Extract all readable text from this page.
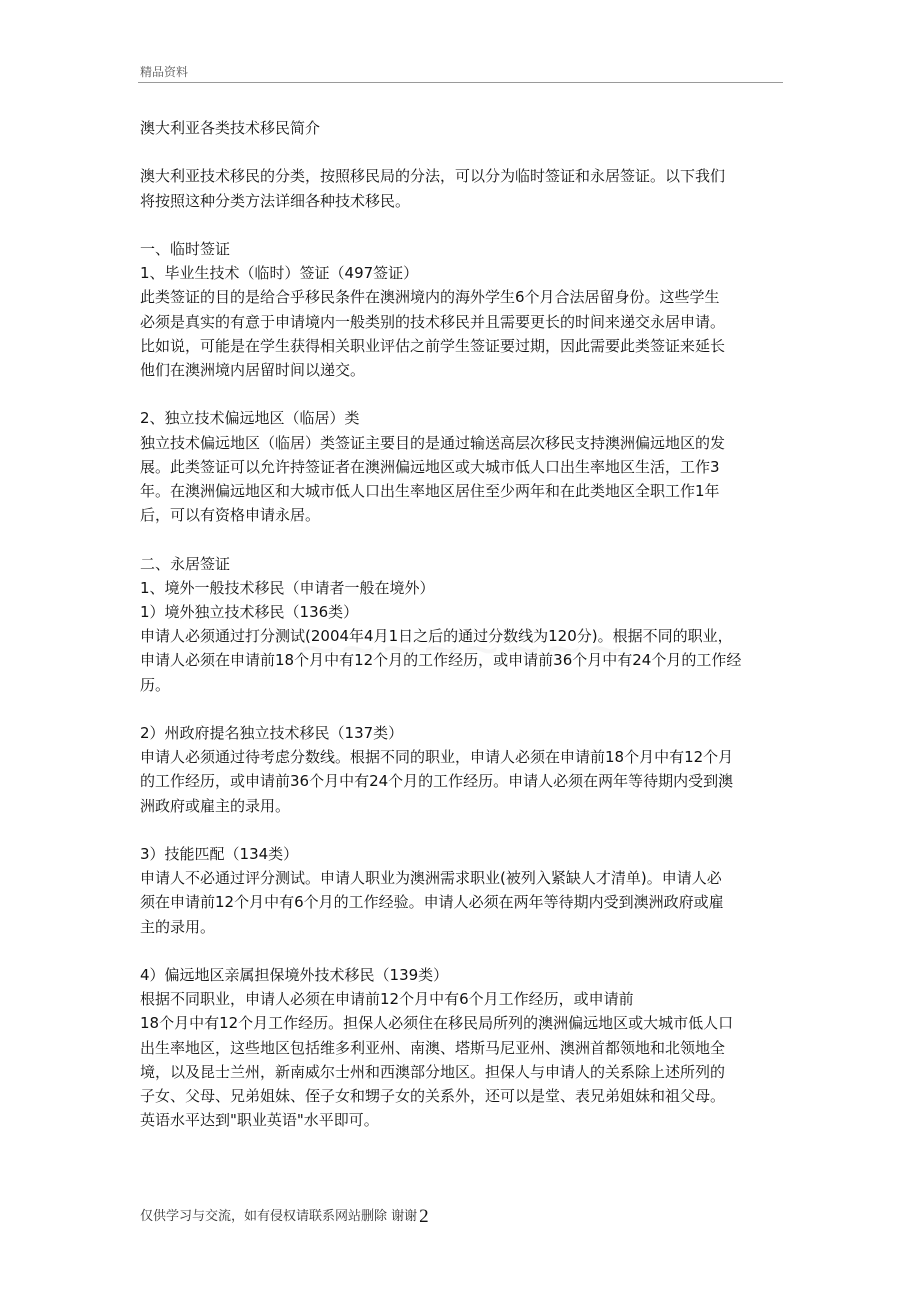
精品资料

澳大利亚各类技术移民简介

澳大利亚技术移民的分类，按照移民局的分法，可以分为临时签证和永居签证。以下我们

将按照这种分类方法详细各种技术移民。

一、临时签证

1、毕业生技术（临时）签证（497签证）

此类签证的目的是给合乎移民条件在澳洲境内的海外学生6个月合法居留身份。这些学生

必须是真实的有意于申请境内一般类别的技术移民并且需要更长的时间来递交永居申请。

比如说，可能是在学生获得相关职业评估之前学生签证要过期，因此需要此类签证来延长

他们在澳洲境内居留时间以递交。

2、独立技术偏远地区（临居）类

独立技术偏远地区（临居）类签证主要目的是通过输送高层次移民支持澳洲偏远地区的发

展。此类签证可以允许持签证者在澳洲偏远地区或大城市低人口出生率地区生活，工作3

年。在澳洲偏远地区和大城市低人口出生率地区居住至少两年和在此类地区全职工作1年

后，可以有资格申请永居。

二、永居签证

1、境外一般技术移民（申请者一般在境外）

1）境外独立技术移民（136类）

申请人必须通过打分测试(2004年4月1日之后的通过分数线为120分)。根据不同的职业，

申请人必须在申请前18个月中有12个月的工作经历，或申请前36个月中有24个月的工作经

历。

2）州政府提名独立技术移民（137类）

申请人必须通过待考虑分数线。根据不同的职业，申请人必须在申请前18个月中有12个月

的工作经历，或申请前36个月中有24个月的工作经历。申请人必须在两年等待期内受到澳

洲政府或雇主的录用。

3）技能匹配（134类）

申请人不必通过评分测试。申请人职业为澳洲需求职业(被列入紧缺人才清单)。申请人必

须在申请前12个月中有6个月的工作经验。申请人必须在两年等待期内受到澳洲政府或雇

主的录用。

4）偏远地区亲属担保境外技术移民（139类）

根据不同职业，申请人必须在申请前12个月中有6个月工作经历，或申请前

18个月中有12个月工作经历。担保人必须住在移民局所列的澳洲偏远地区或大城市低人口

出生率地区，这些地区包括维多利亚州、南澳、塔斯马尼亚州、澳洲首都领地和北领地全

境，以及昆士兰州，新南威尔士州和西澳部分地区。担保人与申请人的关系除上述所列的

子女、父母、兄弟姐妹、侄子女和甥子女的关系外，还可以是堂、表兄弟姐妹和祖父母。

英语水平达到"职业英语"水平即可。

仅供学习与交流，如有侵权请联系网站删除 谢谢 2
